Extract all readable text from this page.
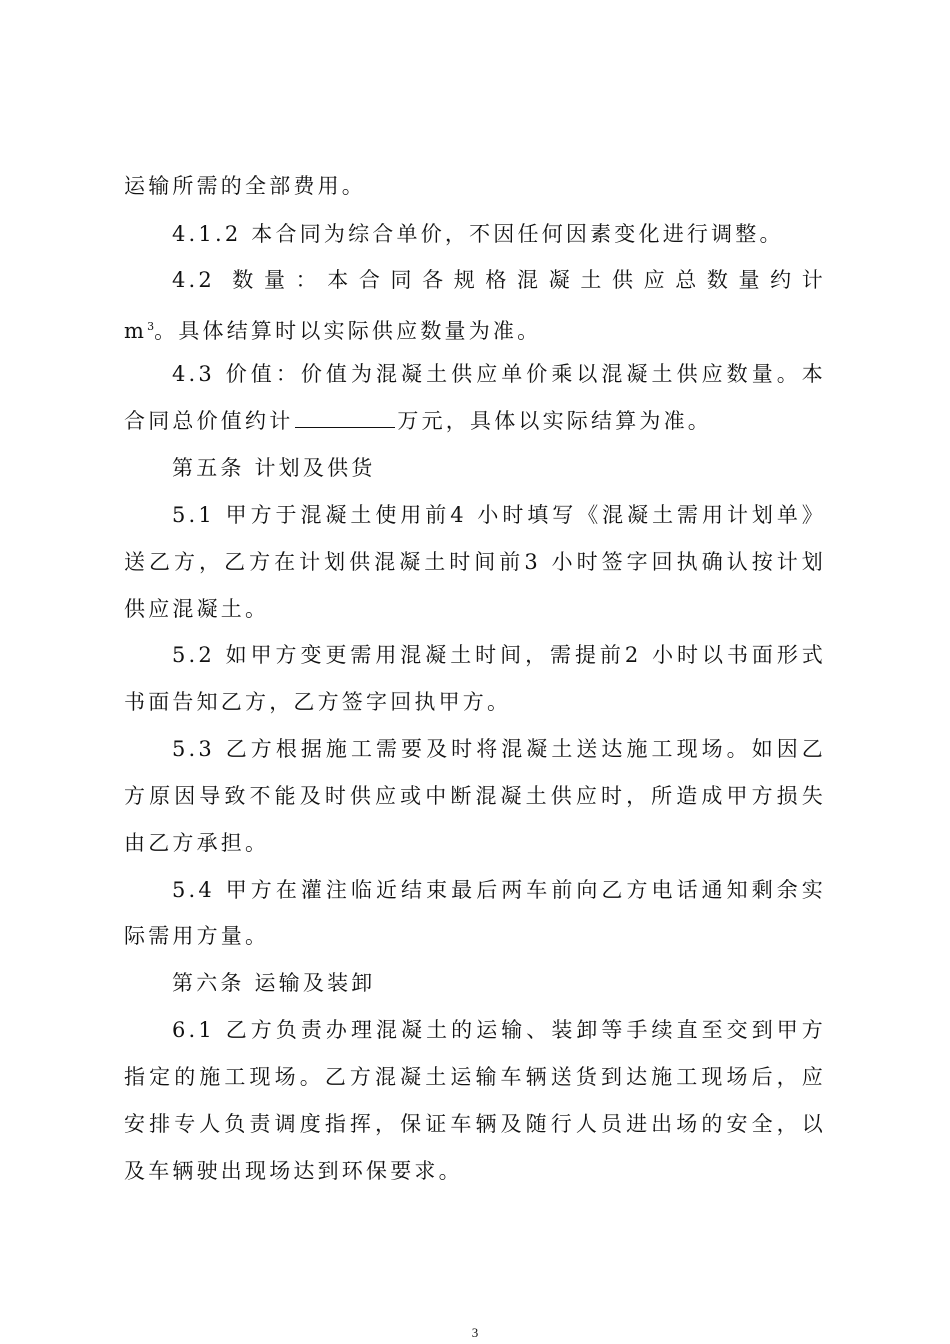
运输所需的全部费用。
4.1.2 本合同为综合单价，不因任何因素变化进行调整。
4.2 数量：本合同各规格混凝土供应总数量约计
$m^3$。具体结算时以实际供应数量为准。
4.3 价值：价值为混凝土供应单价乘以混凝土供应数量。本
合同总价值约计	万元，具体以实际结算为准。
第五条 计划及供货
5.1 甲方于混凝土使用前4 小时填写《混凝土需用计划单》
送乙方，乙方在计划供混凝土时间前3 小时签字回执确认按计划
供应混凝土。
5.2 如甲方变更需用混凝土时间，需提前2 小时以书面形式
书面告知乙方，乙方签字回执甲方。
5.3 乙方根据施工需要及时将混凝土送达施工现场。如因乙
方原因导致不能及时供应或中断混凝土供应时，所造成甲方损失
由乙方承担。
5.4 甲方在灌注临近结束最后两车前向乙方电话通知剩余实
际需用方量。
第六条 运输及装卸
6.1 乙方负责办理混凝土的运输、装卸等手续直至交到甲方
指定的施工现场。乙方混凝土运输车辆送货到达施工现场后，应
安排专人负责调度指挥，保证车辆及随行人员进出场的安全，以
及车辆驶出现场达到环保要求。
3
